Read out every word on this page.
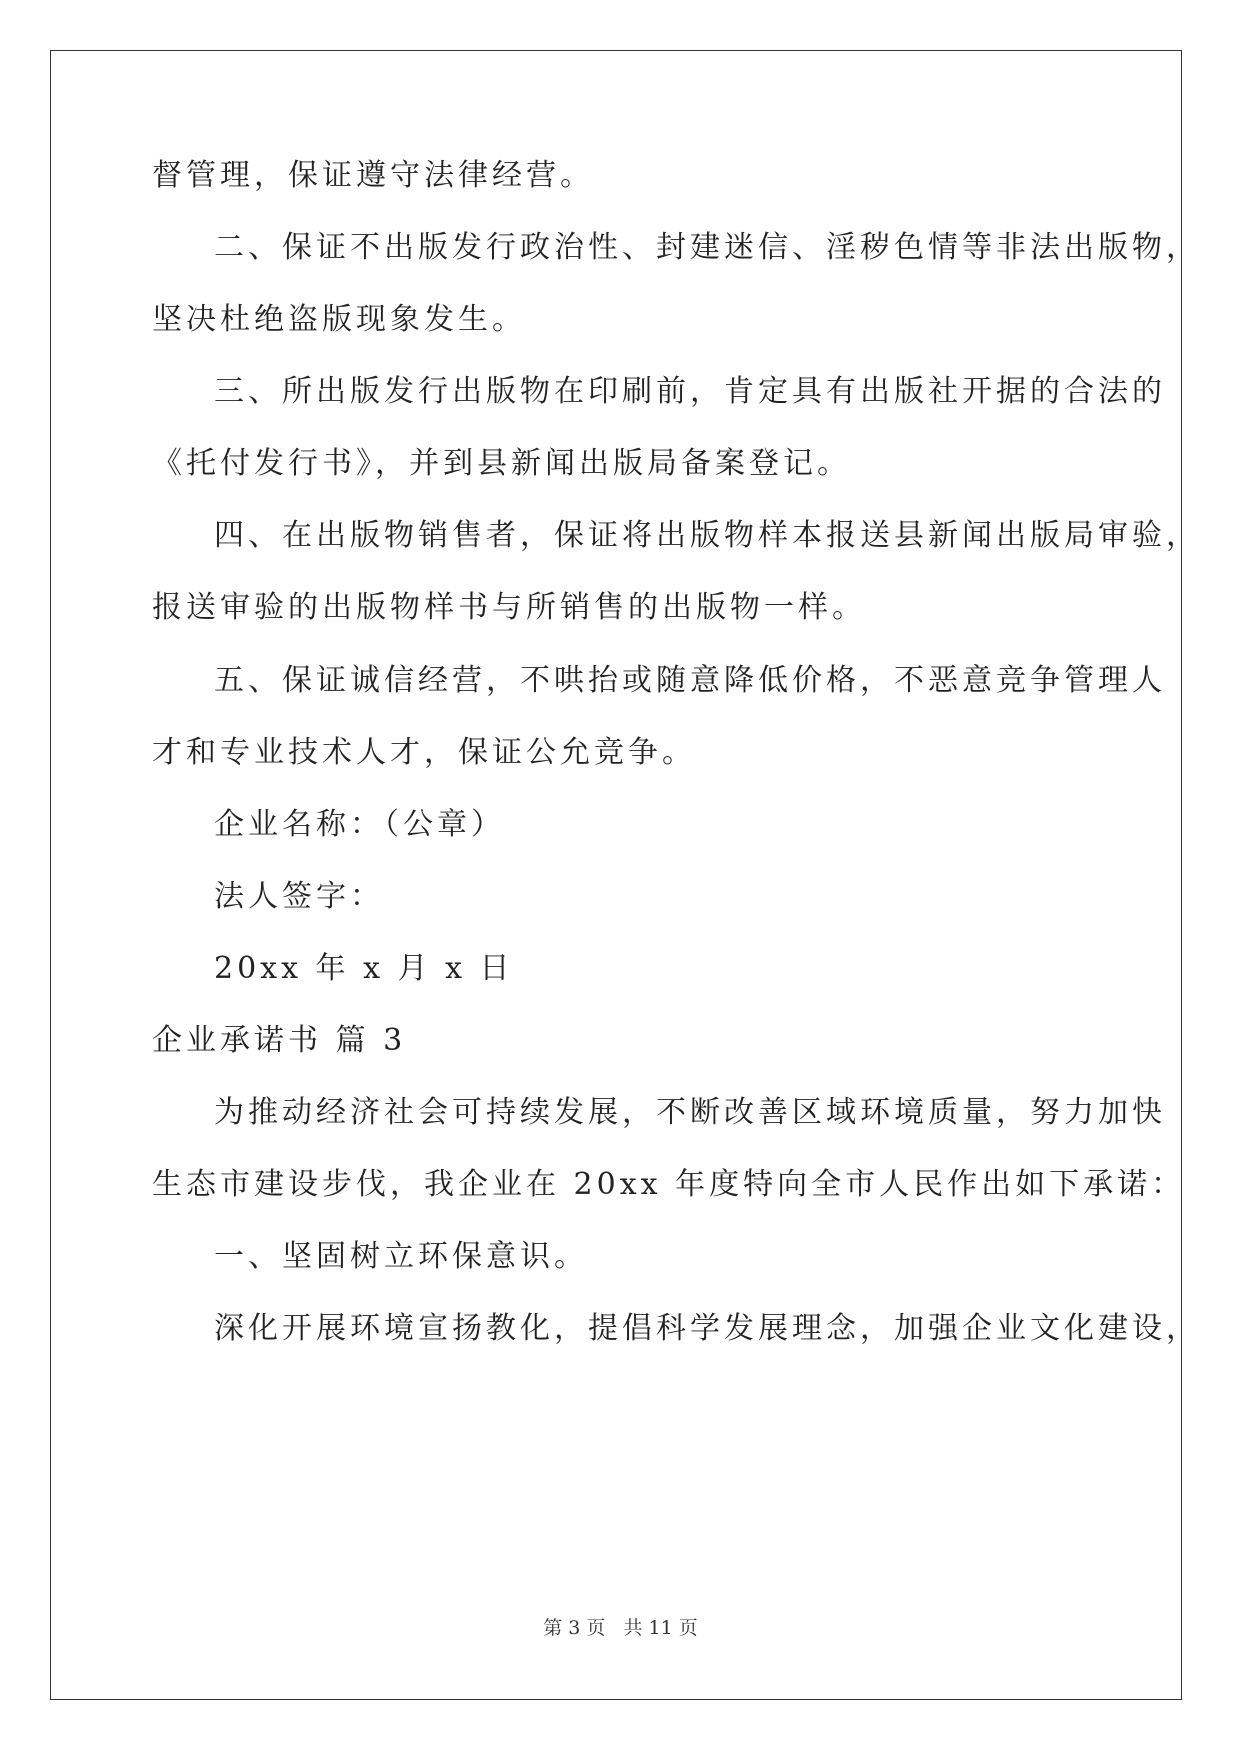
督管理，保证遵守法律经营。
二、保证不出版发行政治性、封建迷信、淫秽色情等非法出版物，
坚决杜绝盗版现象发生。
三、所出版发行出版物在印刷前，肯定具有出版社开据的合法的
《托付发行书》，并到县新闻出版局备案登记。
四、在出版物销售者，保证将出版物样本报送县新闻出版局审验，
报送审验的出版物样书与所销售的出版物一样。
五、保证诚信经营，不哄抬或随意降低价格，不恶意竞争管理人
才和专业技术人才，保证公允竞争。
企业名称：（公章）
法人签字：
20xx 年 x 月 x 日
企业承诺书 篇 3
为推动经济社会可持续发展，不断改善区域环境质量，努力加快
生态市建设步伐，我企业在 20xx 年度特向全市人民作出如下承诺：
一、坚固树立环保意识。
深化开展环境宣扬教化，提倡科学发展理念，加强企业文化建设，
第 3 页 共 11 页
